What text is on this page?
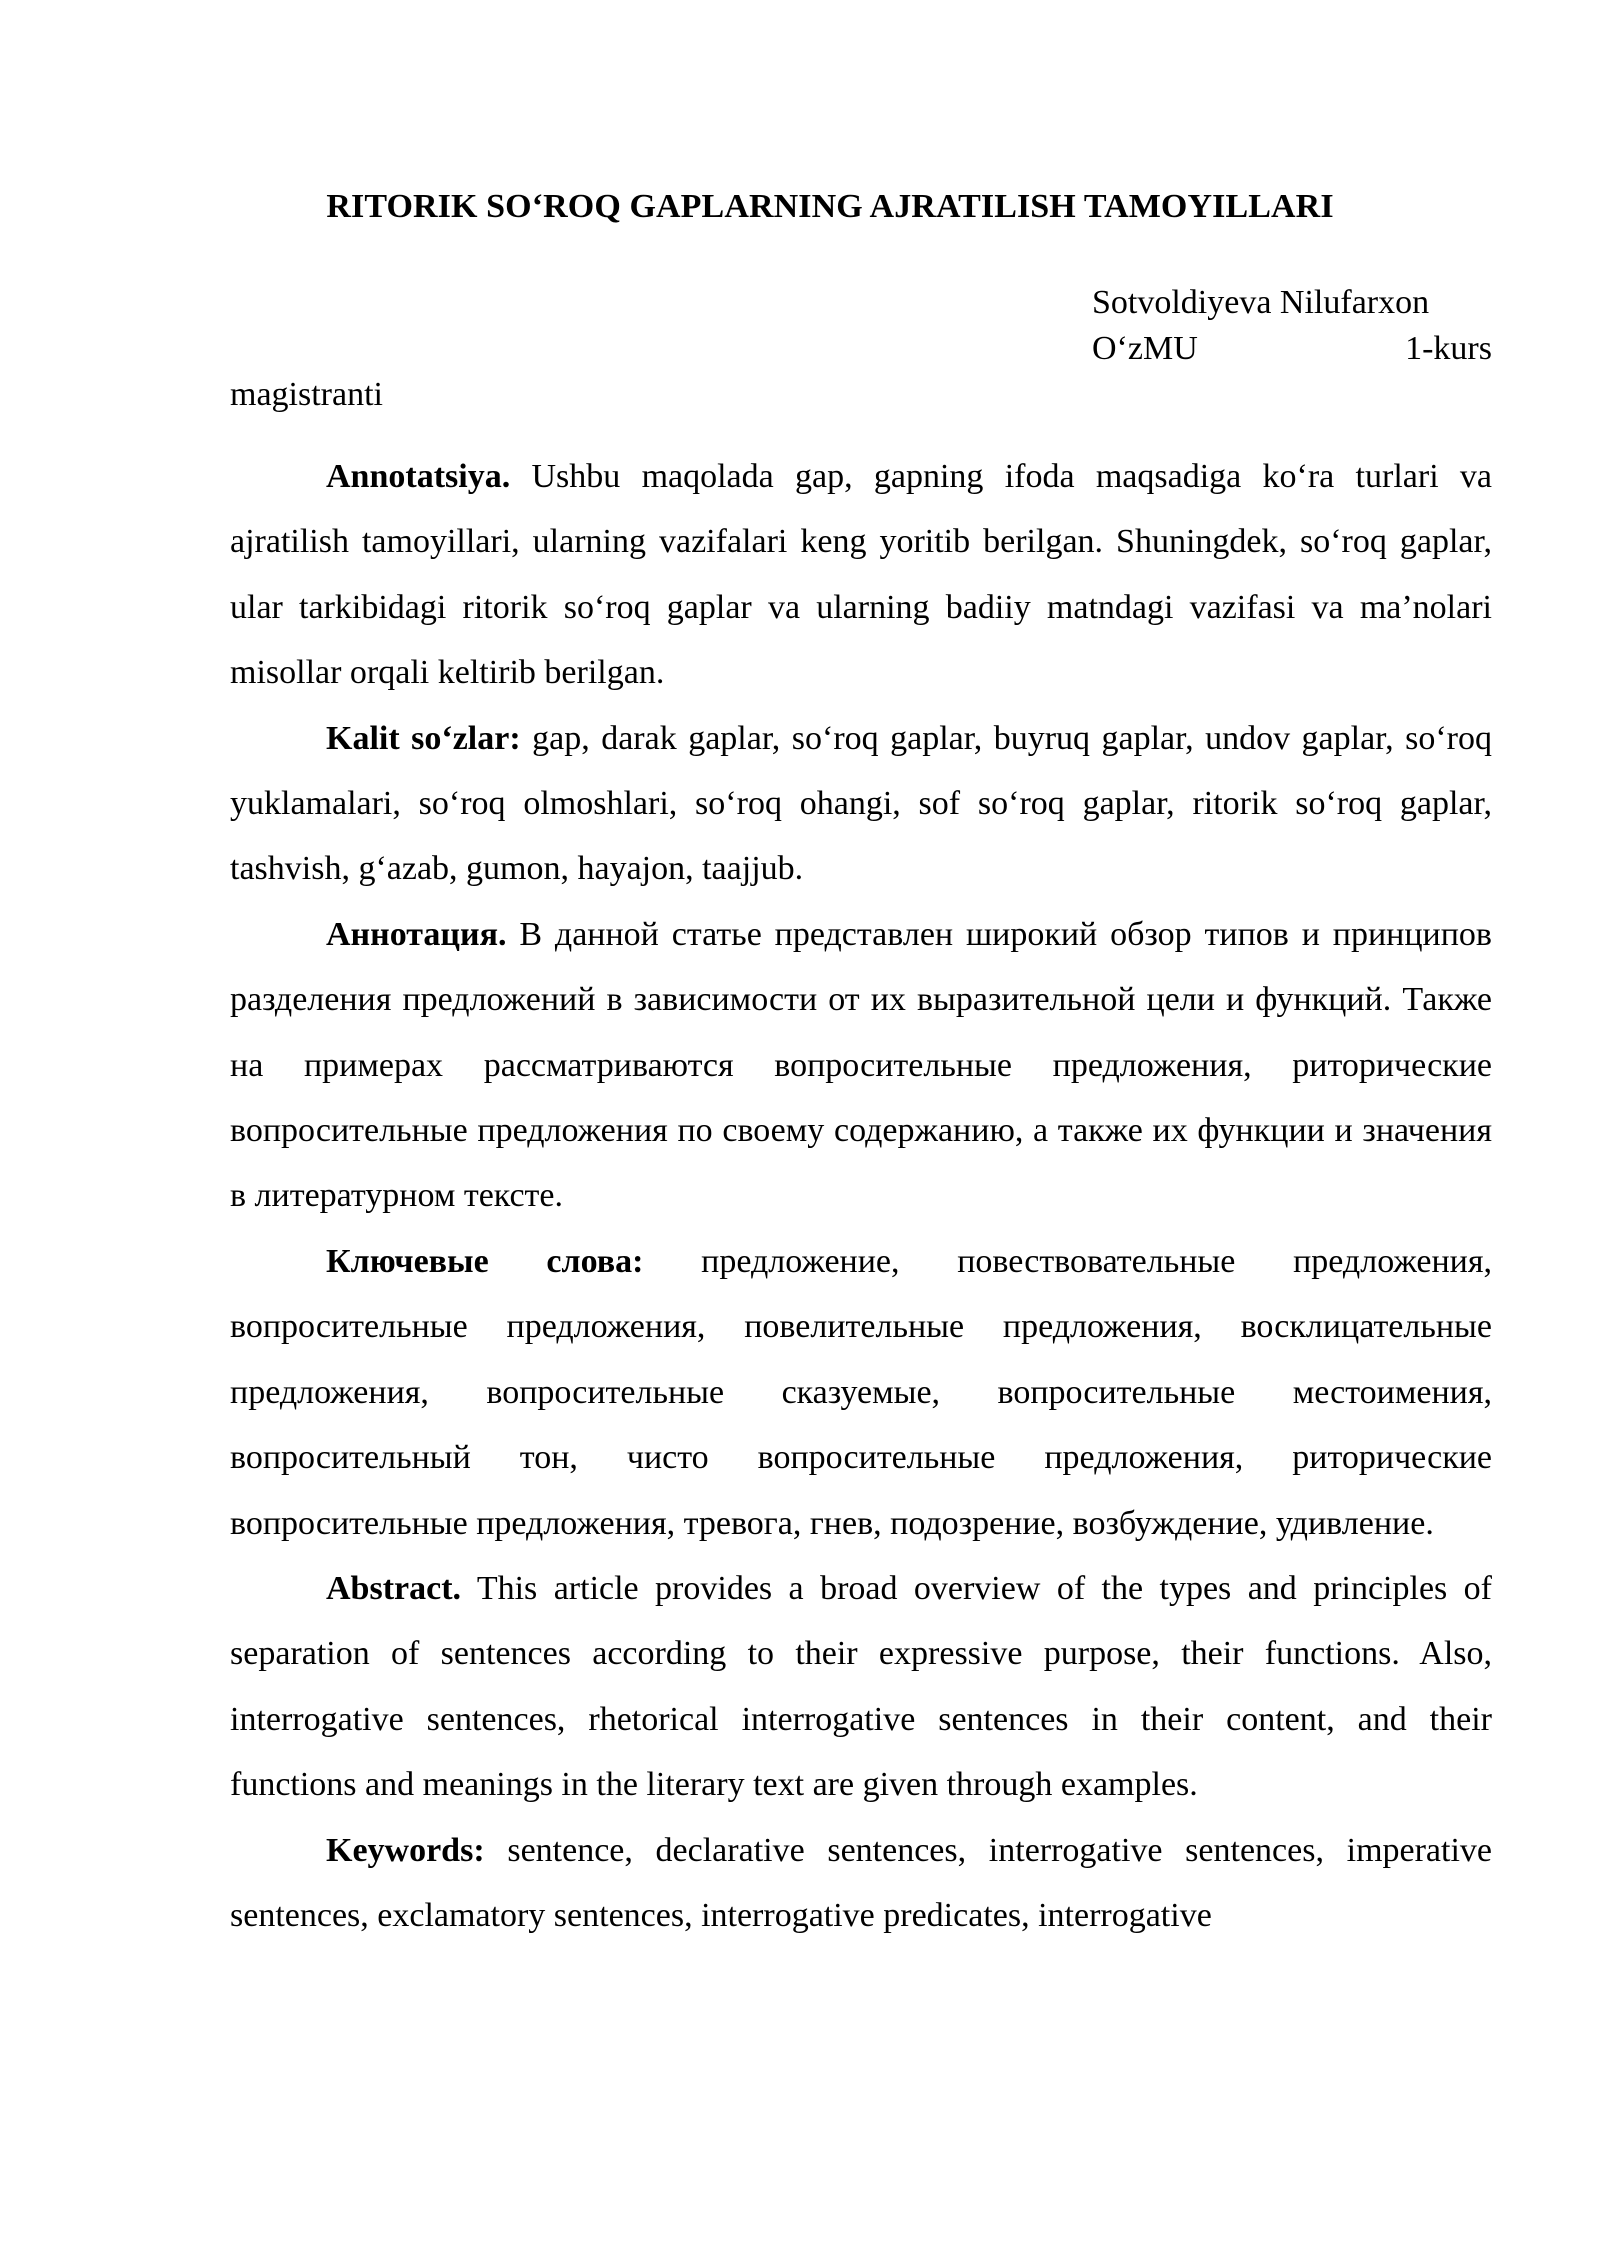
RITORIK SO‘ROQ GAPLARNING AJRATILISH TAMOYILLARI
Sotvoldiyeva Nilufarxon
O‘zMU	1-kurs
magistranti

Annotatsiya. Ushbu maqolada gap, gapning ifoda maqsadiga ko‘ra turlari va ajratilish tamoyillari, ularning vazifalari keng yoritib berilgan. Shuningdek, so‘roq gaplar, ular tarkibidagi ritorik so‘roq gaplar va ularning badiiy matndagi vazifasi va ma’nolari misollar orqali keltirib berilgan.

Kalit so‘zlar: gap, darak gaplar, so‘roq gaplar, buyruq gaplar, undov gaplar, so‘roq yuklamalari, so‘roq olmoshlari, so‘roq ohangi, sof so‘roq gaplar, ritorik so‘roq gaplar, tashvish, g‘azab, gumon, hayajon, taajjub.

Аннотация. В данной статье представлен широкий обзор типов и принципов разделения предложений в зависимости от их выразительной цели и функций. Также на примерах рассматриваются вопросительные предложения, риторические вопросительные предложения по своему содержанию, а также их функции и значения в литературном тексте.

Ключевые слова: предложение, повествовательные предложения, вопросительные предложения, повелительные предложения, восклицательные предложения, вопросительные сказуемые, вопросительные местоимения, вопросительный тон, чисто вопросительные предложения, риторические вопросительные предложения, тревога, гнев, подозрение, возбуждение, удивление.

Abstract. This article provides a broad overview of the types and principles of separation of sentences according to their expressive purpose, their functions. Also, interrogative sentences, rhetorical interrogative sentences in their content, and their functions and meanings in the literary text are given through examples.

Keywords: sentence, declarative sentences, interrogative sentences, imperative sentences, exclamatory sentences, interrogative predicates, interrogative
